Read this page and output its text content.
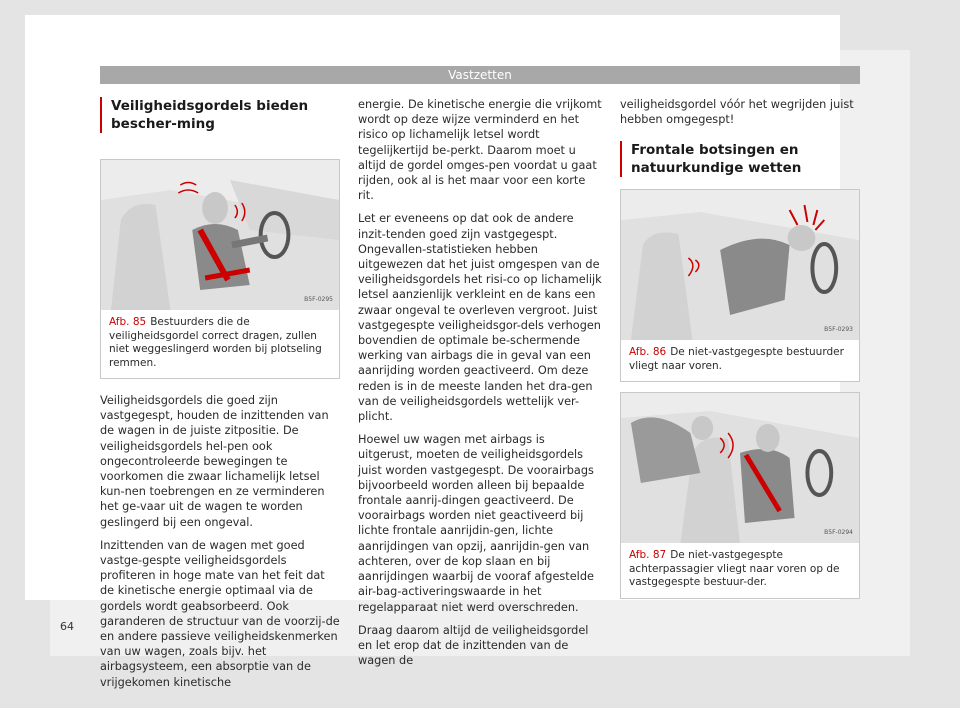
Vastzetten
Veiligheidsgordels bieden bescher-ming
B5F-0295
Afb. 85 Bestuurders die de veiligheidsgordel correct dragen, zullen niet weggeslingerd worden bij plotseling remmen.

Veiligheidsgordels die goed zijn vastgegespt, houden de inzittenden van de wagen in de juiste zitpositie. De veiligheidsgordels hel-pen ook ongecontroleerde bewegingen te voorkomen die zwaar lichamelijk letsel kun-nen toebrengen en ze verminderen het ge-vaar uit de wagen te worden geslingerd bij een ongeval.

Inzittenden van de wagen met goed vastge-gespte veiligheidsgordels profiteren in hoge mate van het feit dat de kinetische energie optimaal via de gordels wordt geabsorbeerd. Ook garanderen de structuur van de voorzij-de en andere passieve veiligheidskenmerken van uw wagen, zoals bijv. het airbagsysteem, een absorptie van de vrijgekomen kinetische

energie. De kinetische energie die vrijkomt wordt op deze wijze verminderd en het risico op lichamelijk letsel wordt tegelijkertijd be-perkt. Daarom moet u altijd de gordel omges-pen voordat u gaat rijden, ook al is het maar voor een korte rit.

Let er eveneens op dat ook de andere inzit-tenden goed zijn vastgegespt. Ongevallen-statistieken hebben uitgewezen dat het juist omgespen van de veiligheidsgordels het risi-co op lichamelijk letsel aanzienlijk verkleint en de kans een zwaar ongeval te overleven vergroot. Juist vastgegespte veiligheidsgor-dels verhogen bovendien de optimale be-schermende werking van airbags die in geval van een aanrijding worden geactiveerd. Om deze reden is in de meeste landen het dra-gen van de veiligheidsgordels wettelijk ver-plicht.

Hoewel uw wagen met airbags is uitgerust, moeten de veiligheidsgordels juist worden vastgegespt. De voorairbags bijvoorbeeld worden alleen bij bepaalde frontale aanrij-dingen geactiveerd. De voorairbags worden niet geactiveerd bij lichte frontale aanrijdin-gen, lichte aanrijdingen van opzij, aanrijdin-gen van achteren, over de kop slaan en bij aanrijdingen waarbij de vooraf afgestelde air-bag-activeringswaarde in het regelapparaat niet werd overschreden.

Draag daarom altijd de veiligheidsgordel en let erop dat de inzittenden van de wagen de

veiligheidsgordel vóór het wegrijden juist hebben omgegespt!

Frontale botsingen en natuurkundige wetten
B5F-0293
Afb. 86 De niet-vastgegespte bestuurder vliegt naar voren.
B5F-0294
Afb. 87 De niet-vastgegespte achterpassagier vliegt naar voren op de vastgegespte bestuur-der.
64
